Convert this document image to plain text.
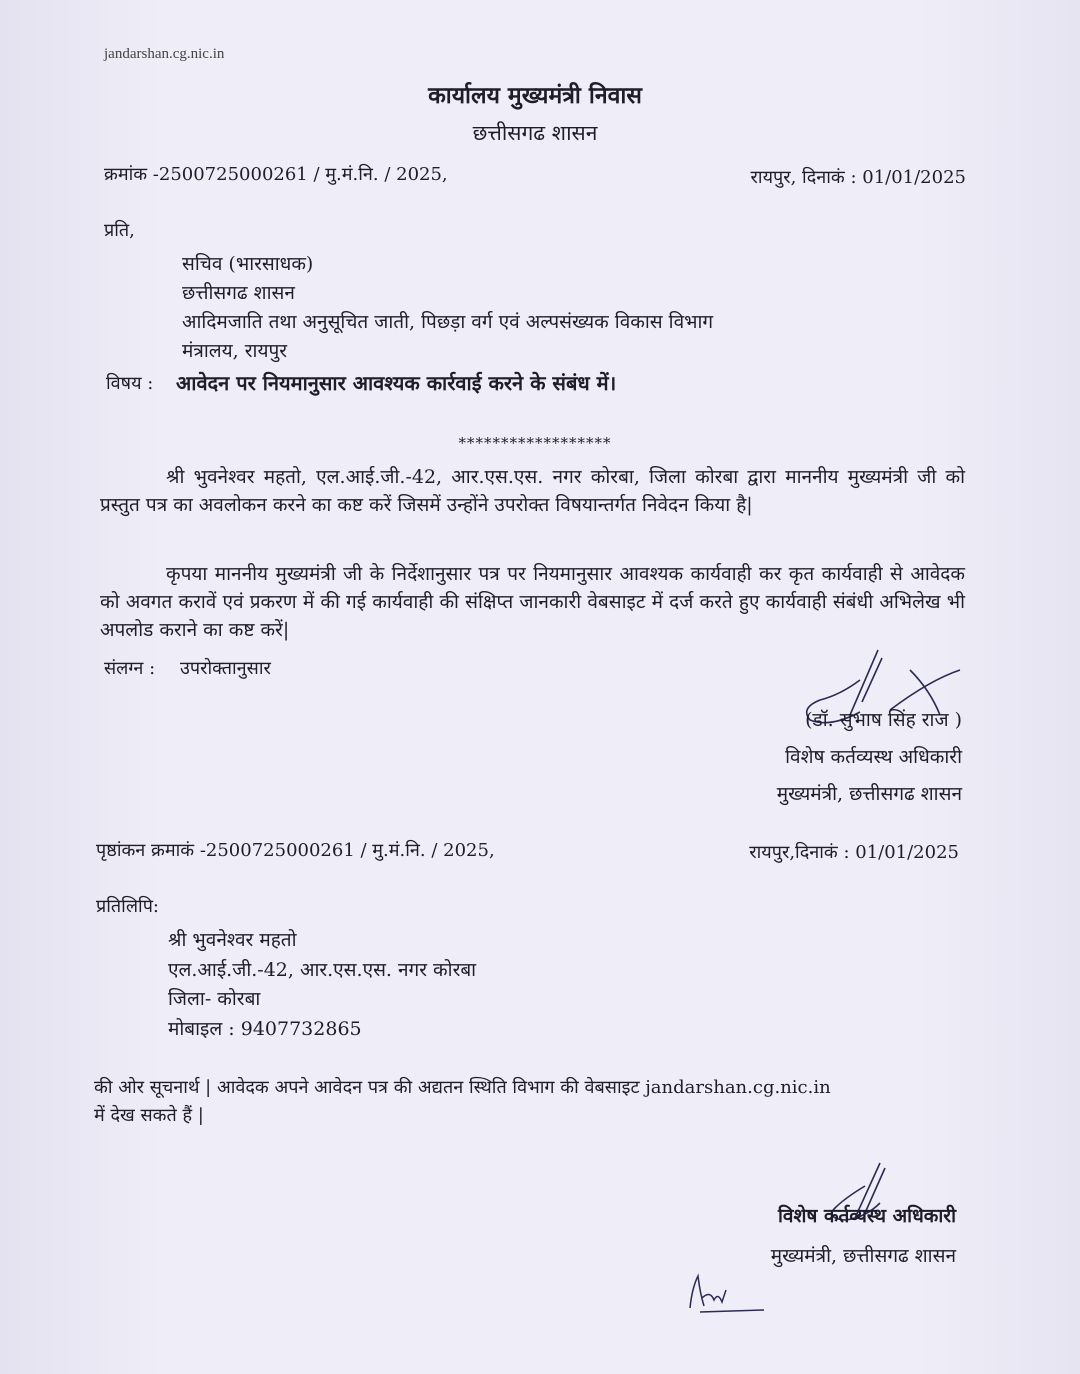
jandarshan.cg.nic.in
कार्यालय मुख्यमंत्री निवास
छत्तीसगढ शासन
क्रमांक -2500725000261 / मु.मं.नि. / 2025,	रायपुर, दिनाकं : 01/01/2025
प्रति,
सचिव (भारसाधक)
छत्तीसगढ शासन
आदिमजाति तथा अनुसूचित जाती, पिछड़ा वर्ग एवं अल्पसंख्यक विकास विभाग
मंत्रालय, रायपुर
विषय : आवेदन पर नियमानुसार आवश्यक कार्रवाई करने के संबंध में।
******************
श्री भुवनेश्वर महतो, एल.आई.जी.-42, आर.एस.एस. नगर कोरबा, जिला कोरबा द्वारा माननीय मुख्यमंत्री जी को प्रस्तुत पत्र का अवलोकन करने का कष्ट करें जिसमें उन्होंने उपरोक्त विषयान्तर्गत निवेदन किया है|
कृपया माननीय मुख्यमंत्री जी के निर्देशानुसार पत्र पर नियमानुसार आवश्यक कार्यवाही कर कृत कार्यवाही से आवेदक को अवगत करावें एवं प्रकरण में की गई कार्यवाही की संक्षिप्त जानकारी वेबसाइट में दर्ज करते हुए कार्यवाही संबंधी अभिलेख भी अपलोड कराने का कष्ट करें|
संलग्न : उपरोक्तानुसार
(डॉ. सुभाष सिंह राज )
विशेष कर्तव्यस्थ अधिकारी
मुख्यमंत्री, छत्तीसगढ शासन
पृष्ठांकन क्रमाकं -2500725000261 / मु.मं.नि. / 2025,	रायपुर,दिनाकं : 01/01/2025
प्रतिलिपि:
श्री भुवनेश्वर महतो
एल.आई.जी.-42, आर.एस.एस. नगर कोरबा
जिला- कोरबा
मोबाइल : 9407732865
की ओर सूचनार्थ | आवेदक अपने आवेदन पत्र की अद्यतन स्थिति विभाग की वेबसाइट jandarshan.cg.nic.in
में देख सकते हैं |
विशेष कर्तव्यस्थ अधिकारी
मुख्यमंत्री, छत्तीसगढ शासन
